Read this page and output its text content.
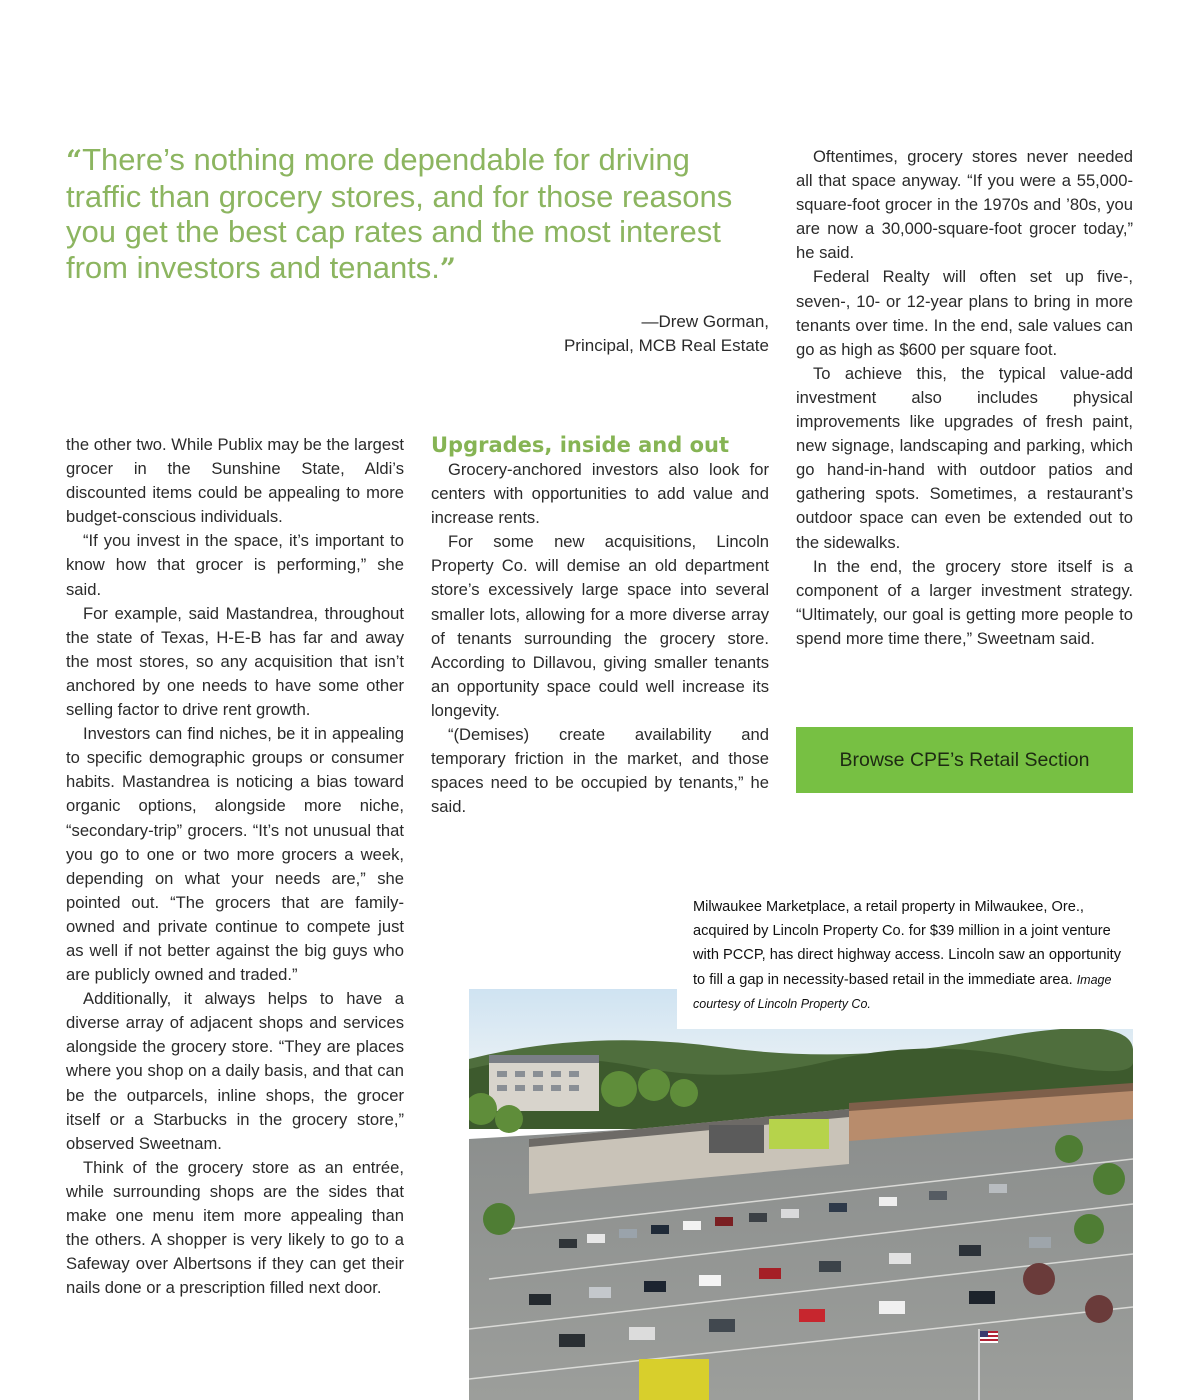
“There’s nothing more dependable for driving traffic than grocery stores, and for those reasons you get the best cap rates and the most interest from investors and tenants.”
—Drew Gorman,
Principal, MCB Real Estate

the other two. While Publix may be the largest grocer in the Sunshine State, Aldi’s discounted items could be appealing to more budget-conscious individuals.

“If you invest in the space, it’s important to know how that grocer is performing,” she said.

For example, said Mastandrea, throughout the state of Texas, H-E-B has far and away the most stores, so any acquisition that isn’t anchored by one needs to have some other selling factor to drive rent growth.

Investors can find niches, be it in appealing to specific demographic groups or consumer habits. Mastandrea is noticing a bias toward organic options, alongside more niche, “secondary-trip” grocers. “It’s not unusual that you go to one or two more grocers a week, depending on what your needs are,” she pointed out. “The grocers that are family-owned and private continue to compete just as well if not better against the big guys who are publicly owned and traded.”

Additionally, it always helps to have a diverse array of adjacent shops and services alongside the grocery store. “They are places where you shop on a daily basis, and that can be the outparcels, inline shops, the grocer itself or a Starbucks in the grocery store,” observed Sweetnam.

Think of the grocery store as an entrée, while surrounding shops are the sides that make one menu item more appealing than the others. A shopper is very likely to go to a Safeway over Albertsons if they can get their nails done or a prescription filled next door.

Upgrades, inside and out

Grocery-anchored investors also look for centers with opportunities to add value and increase rents.

For some new acquisitions, Lincoln Property Co. will demise an old department store’s excessively large space into several smaller lots, allowing for a more diverse array of tenants surrounding the grocery store. According to Dillavou, giving smaller tenants an opportunity space could well increase its longevity.

“(Demises) create availability and temporary friction in the market, and those spaces need to be occupied by tenants,” he said.

Oftentimes, grocery stores never needed all that space anyway. “If you were a 55,000-square-foot grocer in the 1970s and ’80s, you are now a 30,000-square-foot grocer today,” he said.

Federal Realty will often set up five-, seven-, 10- or 12-year plans to bring in more tenants over time. In the end, sale values can go as high as $600 per square foot.

To achieve this, the typical value-add investment also includes physical improvements like upgrades of fresh paint, new signage, landscaping and parking, which go hand-in-hand with outdoor patios and gathering spots. Sometimes, a restaurant’s outdoor space can even be extended out to the sidewalks.

In the end, the grocery store itself is a component of a larger investment strategy. “Ultimately, our goal is getting more people to spend more time there,” Sweetnam said.

Browse CPE’s Retail Section

Milwaukee Marketplace, a retail property in Milwaukee, Ore., acquired by Lincoln Property Co. for $39 million in a joint venture with PCCP, has direct highway access. Lincoln saw an opportunity to fill a gap in necessity-based retail in the immediate area. Image courtesy of Lincoln Property Co.
